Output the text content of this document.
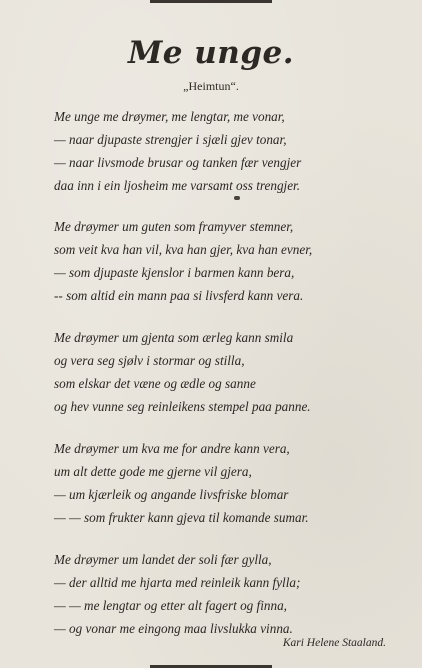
Me unge.
„Heimtun“.
Me unge me drøymer, me lengtar, me vonar,
— naar djupaste strengjer i sjæli gjev tonar,
— naar livsmode brusar og tanken fær vengjer
daa inn i ein ljosheim me varsamt oss trengjer.
Me drøymer um guten som framyver stemner,
som veit kva han vil, kva han gjer, kva han evner,
— som djupaste kjenslor i barmen kann bera,
-- som altid ein mann paa si livsferd kann vera.
Me drøymer um gjenta som ærleg kann smila
og vera seg sjølv i stormar og stilla,
som elskar det væne og ædle og sanne
og hev vunne seg reinleikens stempel paa panne.
Me drøymer um kva me for andre kann vera,
um alt dette gode me gjerne vil gjera,
— um kjærleik og angande livsfriske blomar
— — som frukter kann gjeva til komande sumar.
Me drøymer um landet der soli fær gylla,
— der alltid me hjarta med reinleik kann fylla;
— — me lengtar og etter alt fagert og finna,
— og vonar me eingong maa livslukka vinna.
Kari Helene Staaland.
